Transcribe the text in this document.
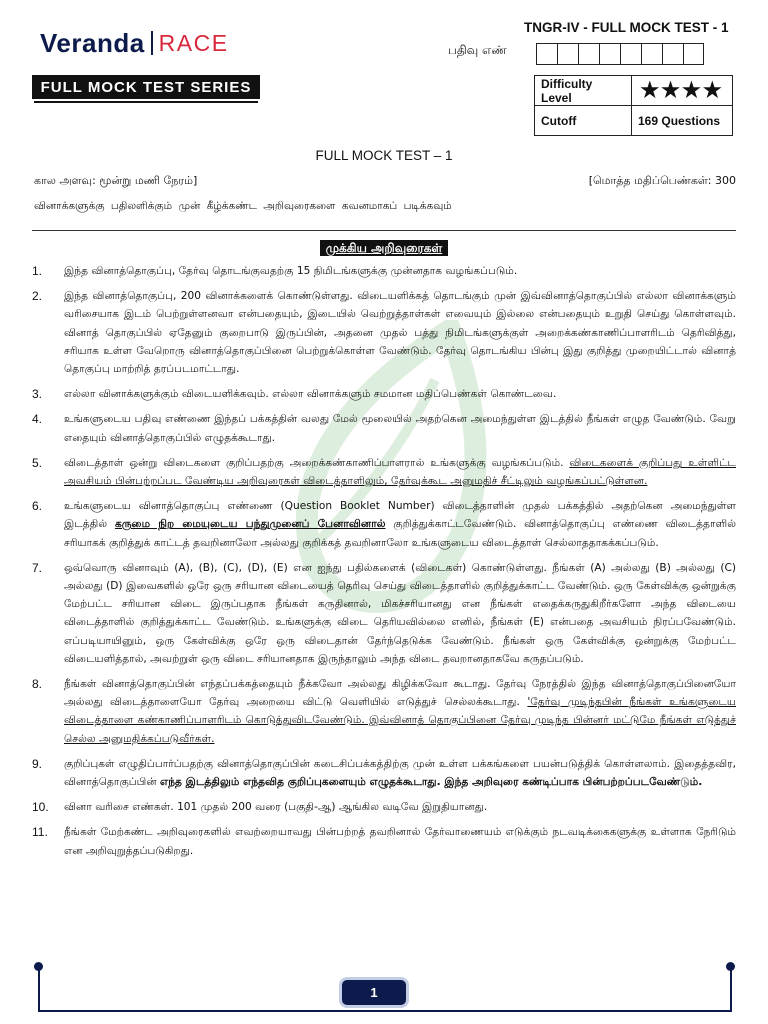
Veranda RACE
FULL MOCK TEST SERIES
TNGR-IV - FULL MOCK TEST - 1
பதிவு எண்
Difficulty Level	★★★★
Cutoff	169 Questions
FULL MOCK TEST – 1
கால அளவு: மூன்று மணி நேரம்]	[மொத்த மதிப்பெண்கள்: 300
வினாக்களுக்கு பதிலளிக்கும் முன் கீழ்க்கண்ட அறிவுரைகளை கவனமாகப் படிக்கவும்
முக்கிய அறிவுரைகள்
1.	இந்த வினாத்தொகுப்பு, தேர்வு தொடங்குவதற்கு 15 நிமிடங்களுக்கு முன்னதாக வழங்கப்படும்.
2.	இந்த வினாத்தொகுப்பு, 200 வினாக்களைக் கொண்டுள்ளது. விடையளிக்கத் தொடங்கும் முன் இவ்வினாத்தொகுப்பில் எல்லா வினாக்களும் வரிசையாக இடம் பெற்றுள்ளனவா என்பதையும், இடையில் வெற்றுத்தாள்கள் எவையும் இல்லை என்பதையும் உறுதி செய்து கொள்ளவும். வினாத் தொகுப்பில் ஏதேனும் குறைபாடு இருப்பின், அதனை முதல் பத்து நிமிடங்களுக்குள் அறைக்கண்காணிப்பாளரிடம் தெரிவித்து, சரியாக உள்ள வேறொரு வினாத்தொகுப்பினை பெற்றுக்கொள்ள வேண்டும். தேர்வு தொடங்கிய பின்பு இது குறித்து முறையிட்டால் வினாத் தொகுப்பு மாற்றித் தரப்படமாட்டாது.
3.	எல்லா வினாக்களுக்கும் விடையளிக்கவும். எல்லா வினாக்களும் சமமான மதிப்பெண்கள் கொண்டவை.
4.	உங்களுடைய பதிவு எண்ணை இந்தப் பக்கத்தின் வலது மேல் மூலையில் அதற்கென அமைந்துள்ள இடத்தில் நீங்கள் எழுத வேண்டும். வேறு எதையும் வினாத்தொகுப்பில் எழுதக்கூடாது.
5.	விடைத்தாள் ஒன்று விடைகளை குறிப்பதற்கு அறைக்கண்காணிப்பாளரால் உங்களுக்கு வழங்கப்படும். விடைகளைக் குறிப்பது உள்ளிட்ட அவசியம் பின்பற்றப்பட வேண்டிய அறிவுரைகள் விடைத்தாளிலும், தேர்வுக்கூட அனுமதிச் சீட்டிலும் வழங்கப்பட்டுள்ளன.
6.	உங்களுடைய வினாத்தொகுப்பு எண்ணை (Question Booklet Number) விடைத்தாளின் முதல் பக்கத்தில் அதற்கென அமைந்துள்ள இடத்தில் கருமை நிற மையுடைய பந்துமுனைப் பேனாவினால் குறித்துக்காட்டவேண்டும். வினாத்தொகுப்பு எண்ணை விடைத்தாளில் சரியாகக் குறித்துக் காட்டத் தவறினாலோ அல்லது குறிக்கத் தவறினாலோ உங்களுடைய விடைத்தாள் செல்லாததாகக்கப்படும்.
7.	ஒவ்வொரு வினாவும் (A), (B), (C), (D), (E) என ஐந்து பதில்களைக் (விடைகள்) கொண்டுள்ளது. நீங்கள் (A) அல்லது (B) அல்லது (C) அல்லது (D) இவைகளில் ஒரே ஒரு சரியான விடையைத் தெரிவு செய்து விடைத்தாளில் குறித்துக்காட்ட வேண்டும். ஒரு கேள்விக்கு ஒன்றுக்கு மேற்பட்ட சரியான விடை இருப்பதாக நீங்கள் கருதினால், மிகச்சரியானது என நீங்கள் எதைக்கருதுகிறீர்களோ அந்த விடையை விடைத்தாளில் குறித்துக்காட்ட வேண்டும். உங்களுக்கு விடை தெரியவில்லை எனில், நீங்கள் (E) என்பதை அவசியம் நிரப்பவேண்டும். எப்படியாயினும், ஒரு கேள்விக்கு ஒரே ஒரு விடைதான் தேர்ந்தெடுக்க வேண்டும். நீங்கள் ஒரு கேள்விக்கு ஒன்றுக்கு மேற்பட்ட விடையளித்தால், அவற்றுள் ஒரு விடை சரியானதாக இருந்தாலும் அந்த விடை தவறானதாகவே கருதப்படும்.
8.	நீங்கள் வினாத்தொகுப்பின் எந்தப்பக்கத்தையும் நீக்கவோ அல்லது கிழிக்கவோ கூடாது. தேர்வு நேரத்தில் இந்த வினாத்தொகுப்பினையோ அல்லது விடைத்தாளையோ தேர்வு அறையை விட்டு வெளியில் எடுத்துச் செல்லக்கூடாது. 'தேர்வு முடிந்தபின் நீங்கள் உங்களுடைய விடைத்தாளை கண்காணிப்பாளரிடம் கொடுத்துவிடவேண்டும். இவ்வினாத் தொகுப்பினை தேர்வு முடிந்த பின்னர் மட்டுமே நீங்கள் எடுத்துச் செல்ல அனுமதிக்கப்படுவீர்கள்.
9.	குறிப்புகள் எழுதிப்பார்ப்பதற்கு வினாத்தொகுப்பின் கடைசிப்பக்கத்திற்கு முன் உள்ள பக்கங்களை பயன்படுத்திக் கொள்ளலாம். இதைத்தவிர, வினாத்தொகுப்பின் எந்த இடத்திலும் எந்தவித குறிப்புகளையும் எழுதக்கூடாது. இந்த அறிவுரை கண்டிப்பாக பின்பற்றப்படவேண்டும்.
10.	வினா வரிசை எண்கள். 101 முதல் 200 வரை (பகுதி-ஆ) ஆங்கில வடிவே இறுதியானது.
11.	நீங்கள் மேற்கண்ட அறிவுரைகளில் எவற்றையாவது பின்பற்றத் தவறினால் தேர்வாணையம் எடுக்கும் நடவடிக்கைகளுக்கு உள்ளாக நேரிடும் என அறிவுறுத்தப்படுகிறது.
1
